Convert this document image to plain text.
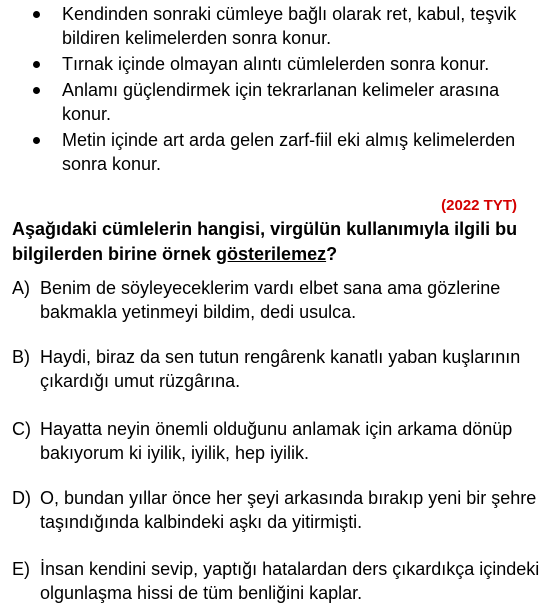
Kendinden sonraki cümleye bağlı olarak ret, kabul, teşvik bildiren kelimelerden sonra konur.
Tırnak içinde olmayan alıntı cümlelerden sonra konur.
Anlamı güçlendirmek için tekrarlanan kelimeler arasına konur.
Metin içinde art arda gelen zarf-fiil eki almış kelimelerden sonra konur.
(2022 TYT)
Aşağıdaki cümlelerin hangisi, virgülün kullanımıyla ilgili bu bilgilerden birine örnek gösterilemez?
A) Benim de söyleyeceklerim vardı elbet sana ama gözlerine bakmakla yetinmeyi bildim, dedi usulca.
B) Haydi, biraz da sen tutun rengârenk kanatlı yaban kuşlarının çıkardığı umut rüzgârına.
C) Hayatta neyin önemli olduğunu anlamak için arkama dönüp bakıyorum ki iyilik, iyilik, hep iyilik.
D) O, bundan yıllar önce her şeyi arkasında bırakıp yeni bir şehre taşındığında kalbindeki aşkı da yitirmişti.
E) İnsan kendini sevip, yaptığı hatalardan ders çıkardıkça içindeki olgunlaşma hissi de tüm benliğini kaplar.
